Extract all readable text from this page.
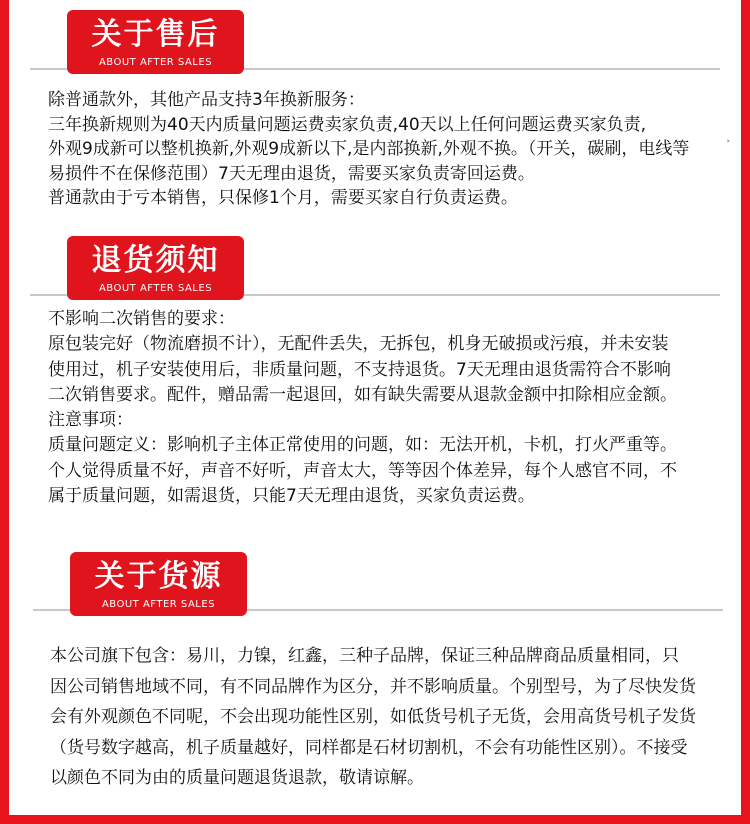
关于售后
ABOUT AFTER SALES

除普通款外，其他产品支持3年换新服务：

三年换新规则为40天内质量问题运费卖家负责,40天以上任何问题运费买家负责,

外观9成新可以整机换新,外观9成新以下,是内部换新,外观不换。（开关，碳刷，电线等

易损件不在保修范围）7天无理由退货，需要买家负责寄回运费。

普通款由于亏本销售，只保修1个月，需要买家自行负责运费。

˃
退货须知
ABOUT AFTER SALES

不影响二次销售的要求：

原包装完好（物流磨损不计），无配件丢失，无拆包，机身无破损或污痕，并未安装

使用过，机子安装使用后，非质量问题，不支持退货。7天无理由退货需符合不影响

二次销售要求。配件，赠品需一起退回，如有缺失需要从退款金额中扣除相应金额。

注意事项：

质量问题定义：影响机子主体正常使用的问题，如：无法开机，卡机，打火严重等。

个人觉得质量不好，声音不好听，声音太大，等等因个体差异，每个人感官不同，不

属于质量问题，如需退货，只能7天无理由退货，买家负责运费。

关于货源
ABOUT AFTER SALES

本公司旗下包含：易川，力镍，红鑫，三种子品牌，保证三种品牌商品质量相同，只

因公司销售地域不同，有不同品牌作为区分，并不影响质量。个别型号，为了尽快发货

会有外观颜色不同呢，不会出现功能性区别，如低货号机子无货，会用高货号机子发货

（货号数字越高，机子质量越好，同样都是石材切割机，不会有功能性区别）。不接受

以颜色不同为由的质量问题退货退款，敬请谅解。
